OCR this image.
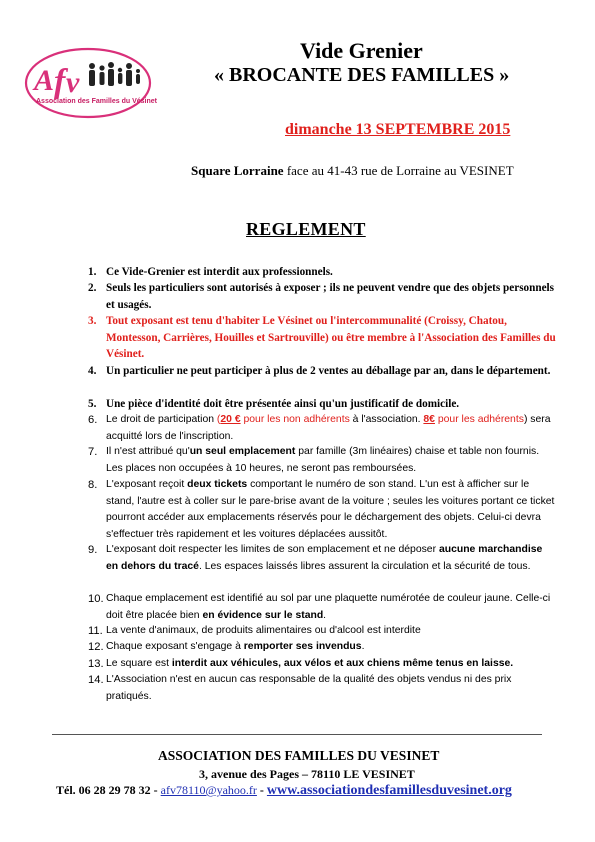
A f v
Association des Familles du Vésinet
Vide Grenier
« BROCANTE DES FAMILLES »
dimanche 13 SEPTEMBRE 2015
Square Lorraine face au 41-43 rue de Lorraine au VESINET
REGLEMENT
1. Ce Vide-Grenier est interdit aux professionnels.
2. Seuls les particuliers sont autorisés à exposer ; ils ne peuvent vendre que des objets personnels et usagés.
3. Tout exposant est tenu d'habiter Le Vésinet ou l'intercommunalité (Croissy, Chatou, Montesson, Carrières, Houilles et Sartrouville) ou être membre à l'Association des Familles du Vésinet.
4. Un particulier ne peut participer à plus de 2 ventes au déballage par an, dans le département.
5. Une pièce d'identité doit être présentée ainsi qu'un justificatif de domicile.
6. Le droit de participation (20 € pour les non adhérents à l'association. 8€ pour les adhérents) sera acquitté lors de l'inscription.
7. Il n'est attribué qu'un seul emplacement par famille (3m linéaires) chaise et table non fournis. Les places non occupées à 10 heures, ne seront pas remboursées.
8. L'exposant reçoit deux tickets comportant le numéro de son stand. L'un est à afficher sur le stand, l'autre est à coller sur le pare-brise avant de la voiture ; seules les voitures portant ce ticket pourront accéder aux emplacements réservés pour le déchargement des objets. Celui-ci devra s'effectuer très rapidement et les voitures déplacées aussitôt.
9. L'exposant doit respecter les limites de son emplacement et ne déposer aucune marchandise en dehors du tracé. Les espaces laissés libres assurent la circulation et la sécurité de tous.
10. Chaque emplacement est identifié au sol par une plaquette numérotée de couleur jaune. Celle-ci doit être placée bien en évidence sur le stand.
11. La vente d'animaux, de produits alimentaires ou d'alcool est interdite
12. Chaque exposant s'engage à remporter ses invendus.
13. Le square est interdit aux véhicules, aux vélos et aux chiens même tenus en laisse.
14. L'Association n'est en aucun cas responsable de la qualité des objets vendus ni des prix pratiqués.
ASSOCIATION DES FAMILLES DU VESINET
3, avenue des Pages – 78110 LE VESINET
Tél. 06 28 29 78 32 - afv78110@yahoo.fr - www.associationdesfamillesduvesinet.org
